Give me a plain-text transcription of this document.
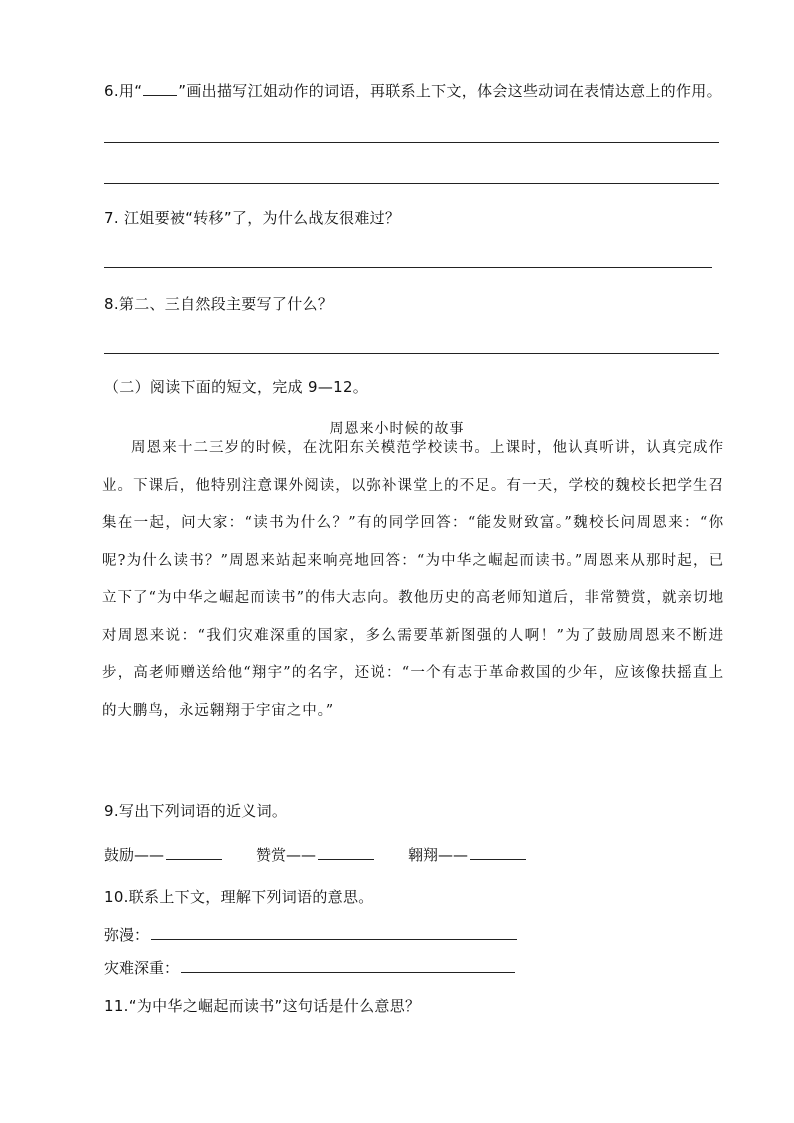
6.用“ ”画出描写江姐动作的词语，再联系上下文，体会这些动词在表情达意上的作用。
7. 江姐要被“转移”了，为什么战友很难过？
8.第二、三自然段主要写了什么？
（二）阅读下面的短文，完成 9—12。
周恩来小时候的故事

周恩来十二三岁的时候，在沈阳东关模范学校读书。上课时，他认真听讲，认真完成作业。下课后，他特别注意课外阅读，以弥补课堂上的不足。有一天，学校的魏校长把学生召集在一起，问大家：“读书为什么？”有的同学回答：“能发财致富。”魏校长问周恩来：“你呢?为什么读书？”周恩来站起来响亮地回答：“为中华之崛起而读书。”周恩来从那时起，已立下了“为中华之崛起而读书”的伟大志向。教他历史的高老师知道后，非常赞赏，就亲切地对周恩来说：“我们灾难深重的国家，多么需要革新图强的人啊！”为了鼓励周恩来不断进步，高老师赠送给他“翔宇”的名字，还说：“一个有志于革命救国的少年，应该像扶摇直上的大鹏鸟，永远翱翔于宇宙之中。”

9.写出下列词语的近义词。
鼓励——	赞赏——	翱翔——
10.联系上下文，理解下列词语的意思。
弥漫：
灾难深重：
11.“为中华之崛起而读书”这句话是什么意思？
